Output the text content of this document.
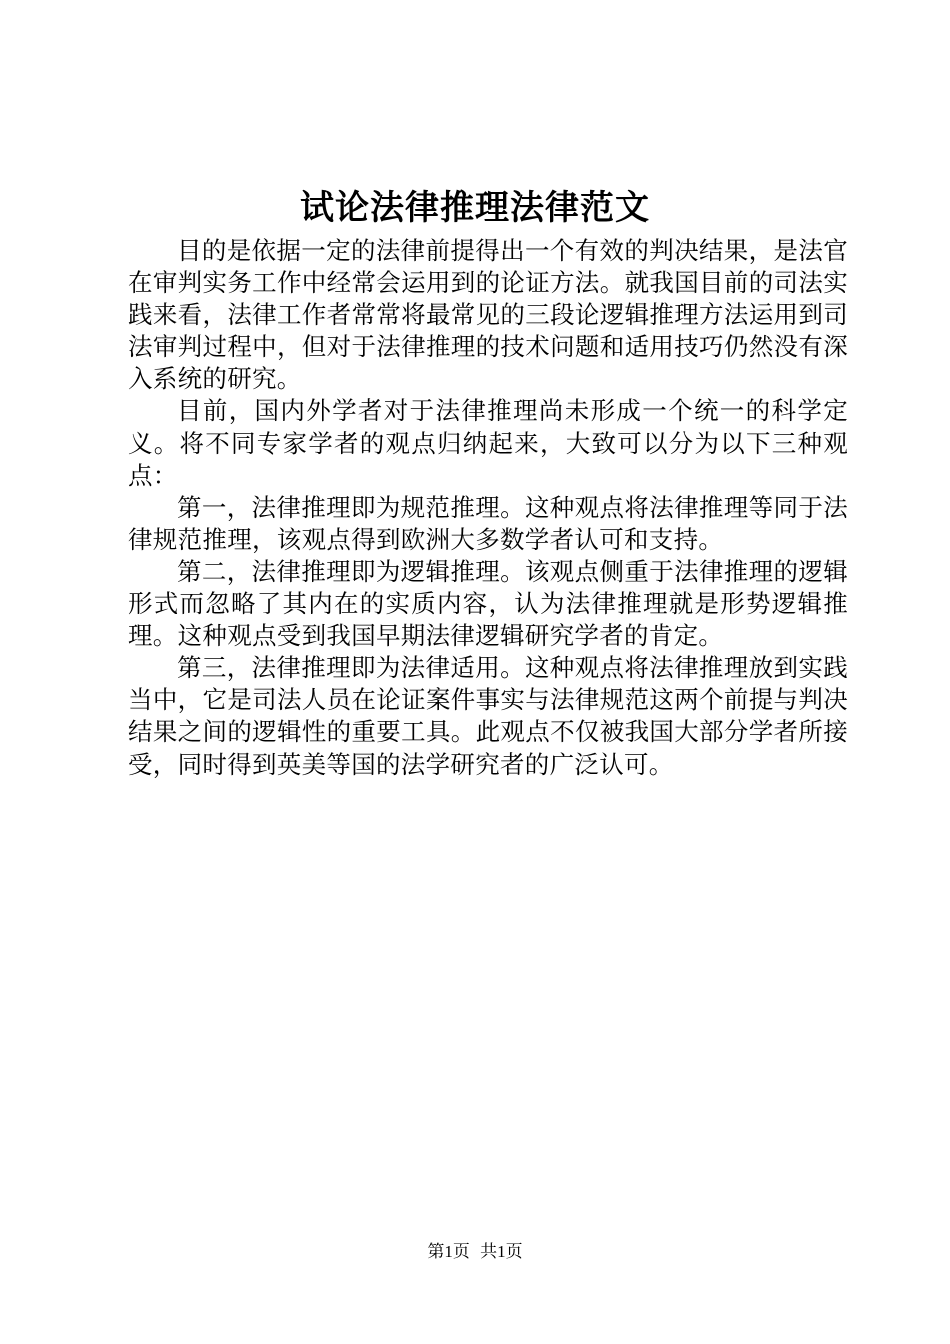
试论法律推理法律范文

目的是依据一定的法律前提得出一个有效的判决结果，是法官在审判实务工作中经常会运用到的论证方法。就我国目前的司法实践来看，法律工作者常常将最常见的三段论逻辑推理方法运用到司法审判过程中，但对于法律推理的技术问题和适用技巧仍然没有深入系统的研究。

目前，国内外学者对于法律推理尚未形成一个统一的科学定义。将不同专家学者的观点归纳起来，大致可以分为以下三种观点：

第一，法律推理即为规范推理。这种观点将法律推理等同于法律规范推理，该观点得到欧洲大多数学者认可和支持。

第二，法律推理即为逻辑推理。该观点侧重于法律推理的逻辑形式而忽略了其内在的实质内容，认为法律推理就是形势逻辑推理。这种观点受到我国早期法律逻辑研究学者的肯定。

第三，法律推理即为法律适用。这种观点将法律推理放到实践当中，它是司法人员在论证案件事实与法律规范这两个前提与判决结果之间的逻辑性的重要工具。此观点不仅被我国大部分学者所接受，同时得到英美等国的法学研究者的广泛认可。

第1页 共1页
